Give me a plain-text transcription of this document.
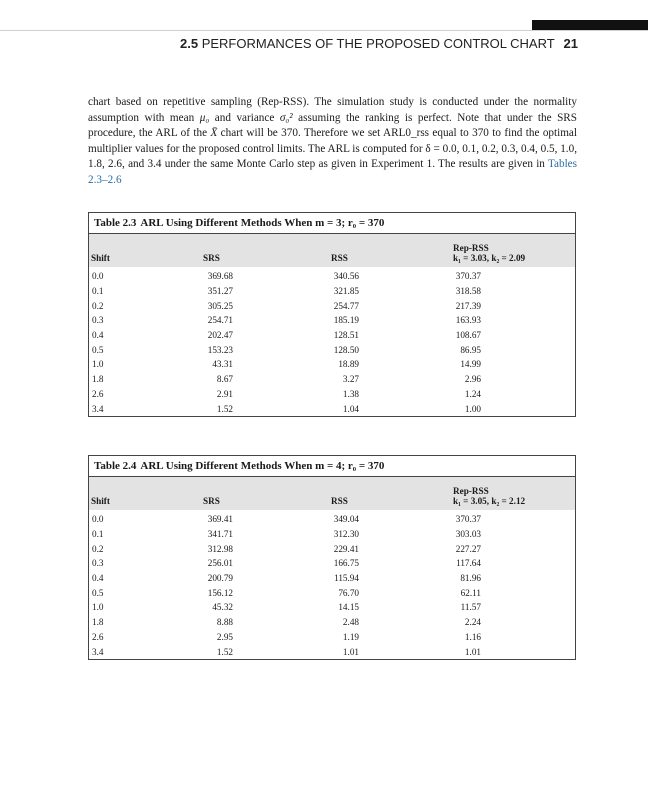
2.5 PERFORMANCES OF THE PROPOSED CONTROL CHART 21
chart based on repetitive sampling (Rep-RSS). The simulation study is conducted under the normality assumption with mean μ₀ and variance σ₀² assuming the ranking is perfect. Note that under the SRS procedure, the ARL of the X̄ chart will be 370. Therefore we set ARL0_rss equal to 370 to find the optimal multiplier values for the proposed control limits. The ARL is computed for δ = 0.0, 0.1, 0.2, 0.3, 0.4, 0.5, 1.0, 1.8, 2.6, and 3.4 under the same Monte Carlo step as given in Experiment 1. The results are given in Tables 2.3–2.6
Table 2.3 ARL Using Different Methods When m = 3; r₀ = 370
Shift	SRS	RSS	Rep-RSS
k₁ = 3.03, k₂ = 2.09
0.0	369.68	340.56	370.37
0.1	351.27	321.85	318.58
0.2	305.25	254.77	217.39
0.3	254.71	185.19	163.93
0.4	202.47	128.51	108.67
0.5	153.23	128.50	86.95
1.0	43.31	18.89	14.99
1.8	8.67	3.27	2.96
2.6	2.91	1.38	1.24
3.4	1.52	1.04	1.00
Table 2.4 ARL Using Different Methods When m = 4; r₀ = 370
Shift	SRS	RSS	Rep-RSS
k₁ = 3.05, k₂ = 2.12
0.0	369.41	349.04	370.37
0.1	341.71	312.30	303.03
0.2	312.98	229.41	227.27
0.3	256.01	166.75	117.64
0.4	200.79	115.94	81.96
0.5	156.12	76.70	62.11
1.0	45.32	14.15	11.57
1.8	8.88	2.48	2.24
2.6	2.95	1.19	1.16
3.4	1.52	1.01	1.01
